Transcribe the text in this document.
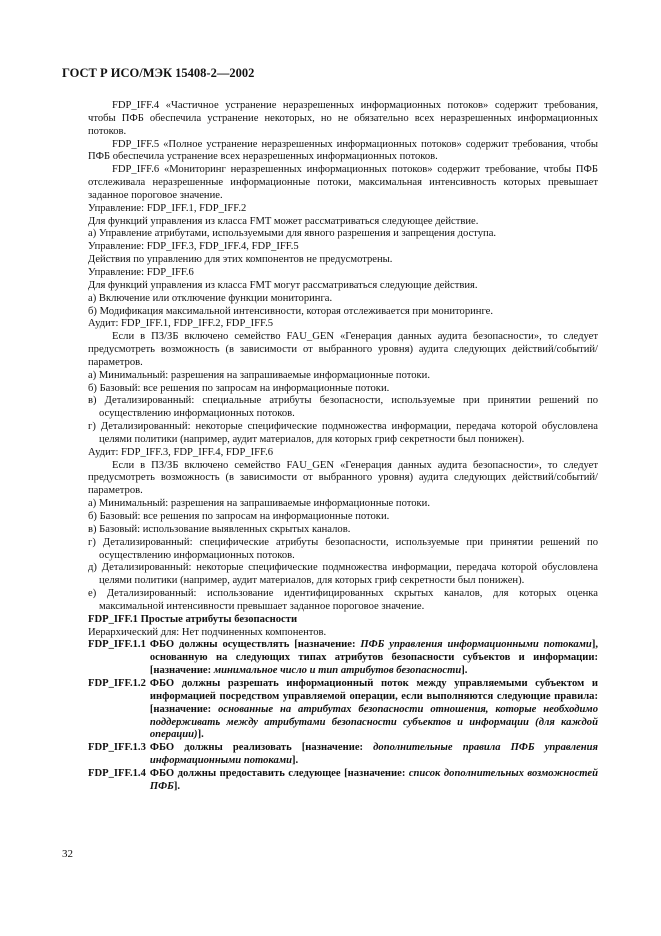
ГОСТ Р ИСО/МЭК 15408-2—2002

FDP_IFF.4 «Частичное устранение неразрешенных информационных потоков» содержит требования, чтобы ПФБ обеспечила устранение некоторых, но не обязательно всех неразрешенных информационных потоков.

FDP_IFF.5 «Полное устранение неразрешенных информационных потоков» содержит требования, чтобы ПФБ обеспечила устранение всех неразрешенных информационных потоков.

FDP_IFF.6 «Мониторинг неразрешенных информационных потоков» содержит требование, чтобы ПФБ отслеживала неразрешенные информационные потоки, максимальная интенсивность которых превышает заданное пороговое значение.

Управление: FDP_IFF.1, FDP_IFF.2

Для функций управления из класса FMT может рассматриваться следующее действие.

а) Управление атрибутами, используемыми для явного разрешения и запрещения доступа.

Управление: FDP_IFF.3, FDP_IFF.4, FDP_IFF.5

Действия по управлению для этих компонентов не предусмотрены.

Управление: FDP_IFF.6

Для функций управления из класса FMT могут рассматриваться следующие действия.

а) Включение или отключение функции мониторинга.

б) Модификация максимальной интенсивности, которая отслеживается при мониторинге.

Аудит: FDP_IFF.1, FDP_IFF.2, FDP_IFF.5

Если в ПЗ/ЗБ включено семейство FAU_GEN «Генерация данных аудита безопасности», то следует предусмотреть возможность (в зависимости от выбранного уровня) аудита следующих действий/событий/параметров.

а) Минимальный: разрешения на запрашиваемые информационные потоки.

б) Базовый: все решения по запросам на информационные потоки.

в) Детализированный: специальные атрибуты безопасности, используемые при принятии решений по осуществлению информационных потоков.

г) Детализированный: некоторые специфические подмножества информации, передача которой обусловлена целями политики (например, аудит материалов, для которых гриф секретности был понижен).

Аудит: FDP_IFF.3, FDP_IFF.4, FDP_IFF.6

Если в ПЗ/ЗБ включено семейство FAU_GEN «Генерация данных аудита безопасности», то следует предусмотреть возможность (в зависимости от выбранного уровня) аудита следующих действий/событий/параметров.

а) Минимальный: разрешения на запрашиваемые информационные потоки.

б) Базовый: все решения по запросам на информационные потоки.

в) Базовый: использование выявленных скрытых каналов.

г) Детализированный: специфические атрибуты безопасности, используемые при принятии решений по осуществлению информационных потоков.

д) Детализированный: некоторые специфические подмножества информации, передача которой обусловлена целями политики (например, аудит материалов, для которых гриф секретности был понижен).

е) Детализированный: использование идентифицированных скрытых каналов, для которых оценка максимальной интенсивности превышает заданное пороговое значение.

FDP_IFF.1 Простые атрибуты безопасности

Иерархический для: Нет подчиненных компонентов.

FDP_IFF.1.1 ФБО должны осуществлять [назначение: ПФБ управления информационными потоками], основанную на следующих типах атрибутов безопасности субъектов и информации: [назначение: минимальное число и тип атрибутов безопасности].
FDP_IFF.1.2 ФБО должны разрешать информационный поток между управляемыми субъектом и информацией посредством управляемой операции, если выполняются следующие правила: [назначение: основанные на атрибутах безопасности отношения, которые необходимо поддерживать между атрибутами безопасности субъектов и информации (для каждой операции)].
FDP_IFF.1.3 ФБО должны реализовать [назначение: дополнительные правила ПФБ управления информационными потоками].
FDP_IFF.1.4 ФБО должны предоставить следующее [назначение: список дополнительных возможностей ПФБ].
32
